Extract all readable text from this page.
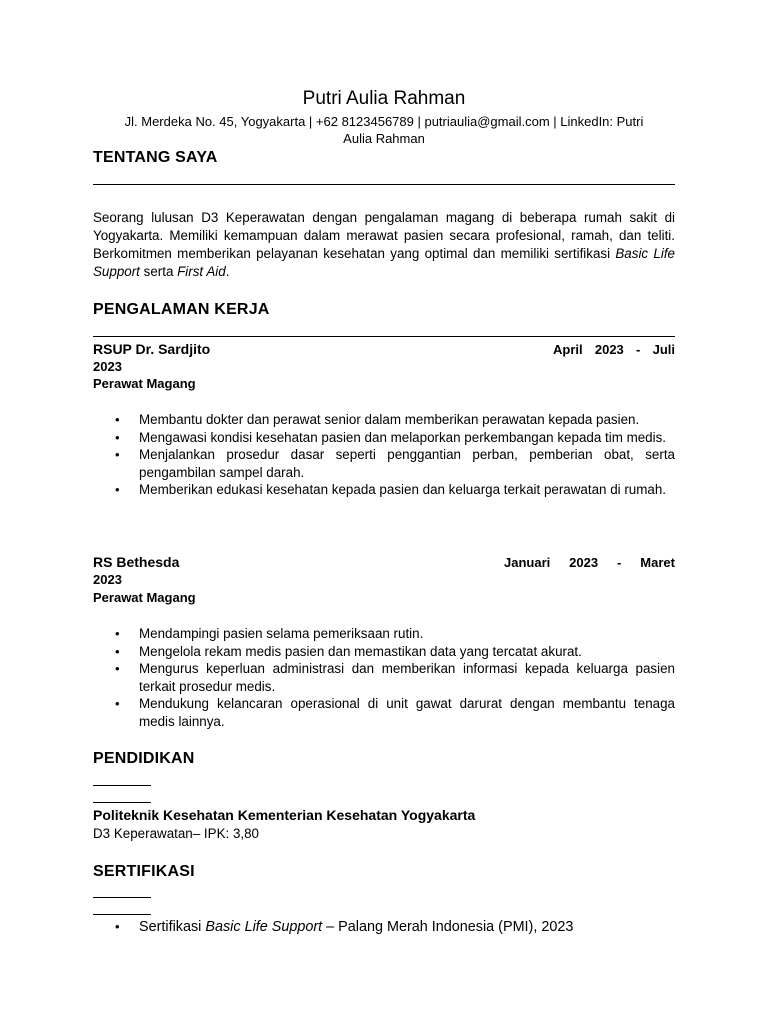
Putri Aulia Rahman
Jl. Merdeka No. 45, Yogyakarta | +62 8123456789 | putriaulia@gmail.com | LinkedIn: Putri
Aulia Rahman
TENTANG SAYA
Seorang lulusan D3 Keperawatan dengan pengalaman magang di beberapa rumah sakit di Yogyakarta. Memiliki kemampuan dalam merawat pasien secara profesional, ramah, dan teliti. Berkomitmen memberikan pelayanan kesehatan yang optimal dan memiliki sertifikasi Basic Life Support serta First Aid.
PENGALAMAN KERJA
RSUP Dr. Sardjito	April 2023 - Juli
2023
Perawat Magang
• Membantu dokter dan perawat senior dalam memberikan perawatan kepada pasien.
• Mengawasi kondisi kesehatan pasien dan melaporkan perkembangan kepada tim medis.
• Menjalankan prosedur dasar seperti penggantian perban, pemberian obat, serta pengambilan sampel darah.
• Memberikan edukasi kesehatan kepada pasien dan keluarga terkait perawatan di rumah.
RS Bethesda	Januari 2023 - Maret
2023
Perawat Magang
• Mendampingi pasien selama pemeriksaan rutin.
• Mengelola rekam medis pasien dan memastikan data yang tercatat akurat.
• Mengurus keperluan administrasi dan memberikan informasi kepada keluarga pasien terkait prosedur medis.
• Mendukung kelancaran operasional di unit gawat darurat dengan membantu tenaga medis lainnya.
PENDIDIKAN
Politeknik Kesehatan Kementerian Kesehatan Yogyakarta
D3 Keperawatan– IPK: 3,80
SERTIFIKASI
• Sertifikasi Basic Life Support – Palang Merah Indonesia (PMI), 2023
